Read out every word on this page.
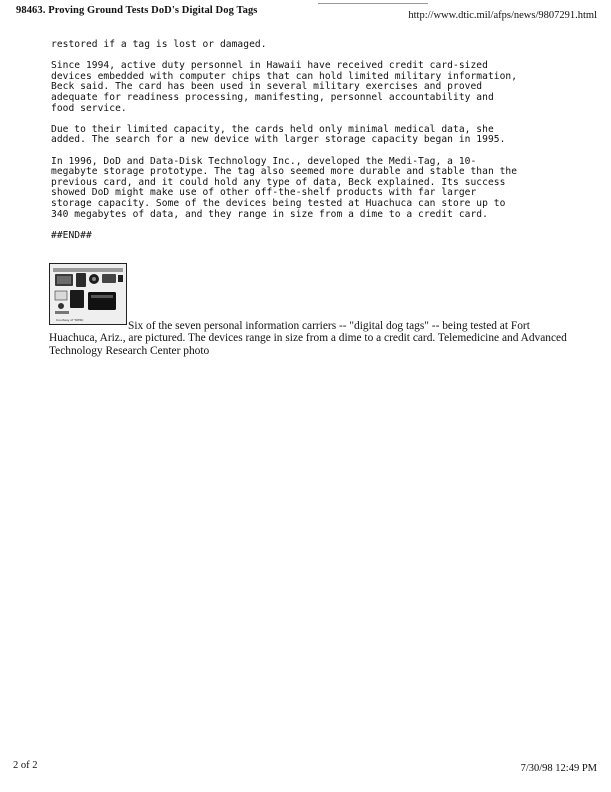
98463. Proving Ground Tests DoD's Digital Dog Tags	http://www.dtic.mil/afps/news/9807291.html

restored if a tag is lost or damaged.

Since 1994, active duty personnel in Hawaii have received credit card-sized
devices embedded with computer chips that can hold limited military information,
Beck said. The card has been used in several military exercises and proved
adequate for readiness processing, manifesting, personnel accountability and
food service.

Due to their limited capacity, the cards held only minimal medical data, she
added. The search for a new device with larger storage capacity began in 1995.

In 1996, DoD and Data-Disk Technology Inc., developed the Medi-Tag, a 10-
megabyte storage prototype. The tag also seemed more durable and stable than the
previous card, and it could hold any type of data, Beck explained. Its success
showed DoD might make use of other off-the-shelf products with far larger
storage capacity. Some of the devices being tested at Huachuca can store up to
340 megabytes of data, and they range in size from a dime to a credit card.

##END##

Courtesy of TATRC	Six of the seven personal information carriers -- "digital dog tags" -- being tested at Fort
Huachuca, Ariz., are pictured. The devices range in size from a dime to a credit card. Telemedicine and Advanced Technology Research Center photo
2 of 2	7/30/98 12:49 PM
